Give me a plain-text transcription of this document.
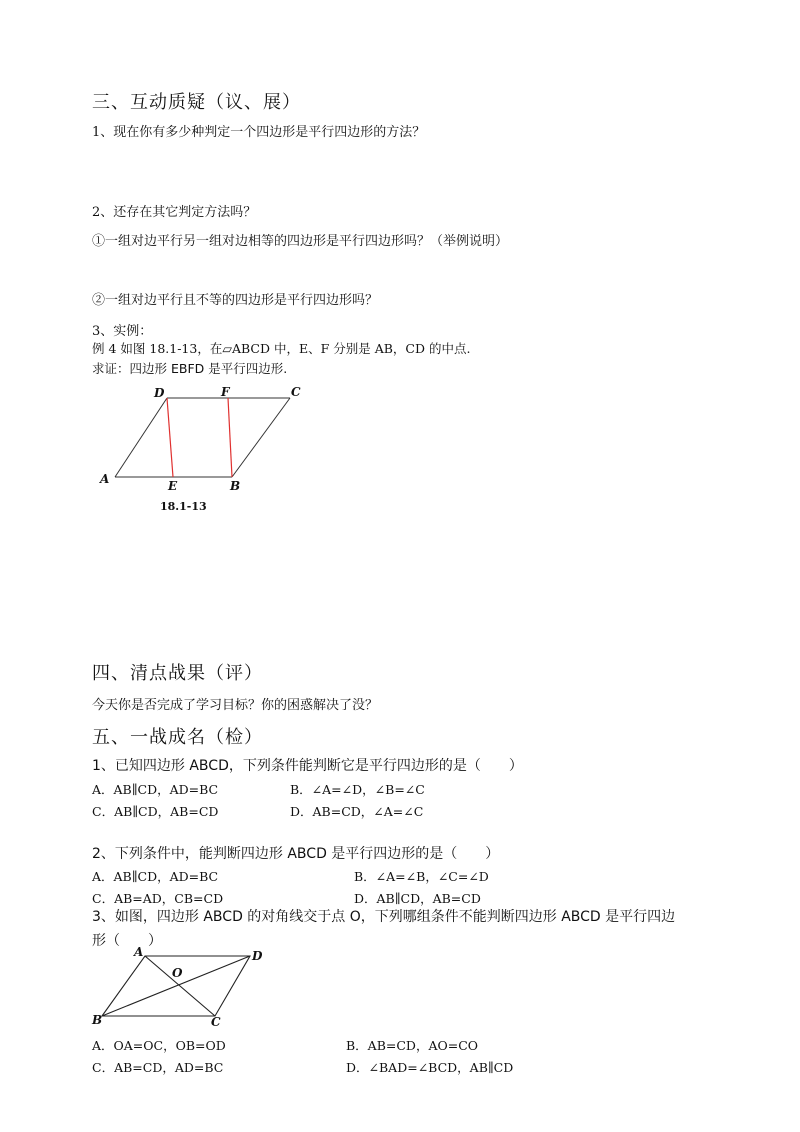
三、互动质疑（议、展）
1、现在你有多少种判定一个四边形是平行四边形的方法？
2、还存在其它判定方法吗？
①一组对边平行另一组对边相等的四边形是平行四边形吗？（举例说明）
②一组对边平行且不等的四边形是平行四边形吗？
3、实例：
例 4 如图 18.1-13，在▱ABCD 中，E、F 分别是 AB，CD 的中点.
求证：四边形 EBFD 是平行四边形.
D	F	C
A	E	B
18.1-13
四、清点战果（评）
今天你是否完成了学习目标？你的困惑解决了没？
五、一战成名（检）
1、已知四边形 ABCD，下列条件能判断它是平行四边形的是（　　）
A．AB∥CD，AD=BC	B．∠A=∠D，∠B=∠C
C．AB∥CD，AB=CD	D．AB=CD，∠A=∠C
2、下列条件中，能判断四边形 ABCD 是平行四边形的是（　　）
A．AB∥CD，AD=BC	B．∠A=∠B，∠C=∠D
C．AB=AD，CB=CD	D．AB∥CD，AB=CD
3、如图，四边形 ABCD 的对角线交于点 O，下列哪组条件不能判断四边形 ABCD 是平行四边
形（　　）
A	D
B	C
O
A．OA=OC，OB=OD	B．AB=CD，AO=CO
C．AB=CD，AD=BC	D．∠BAD=∠BCD，AB∥CD
